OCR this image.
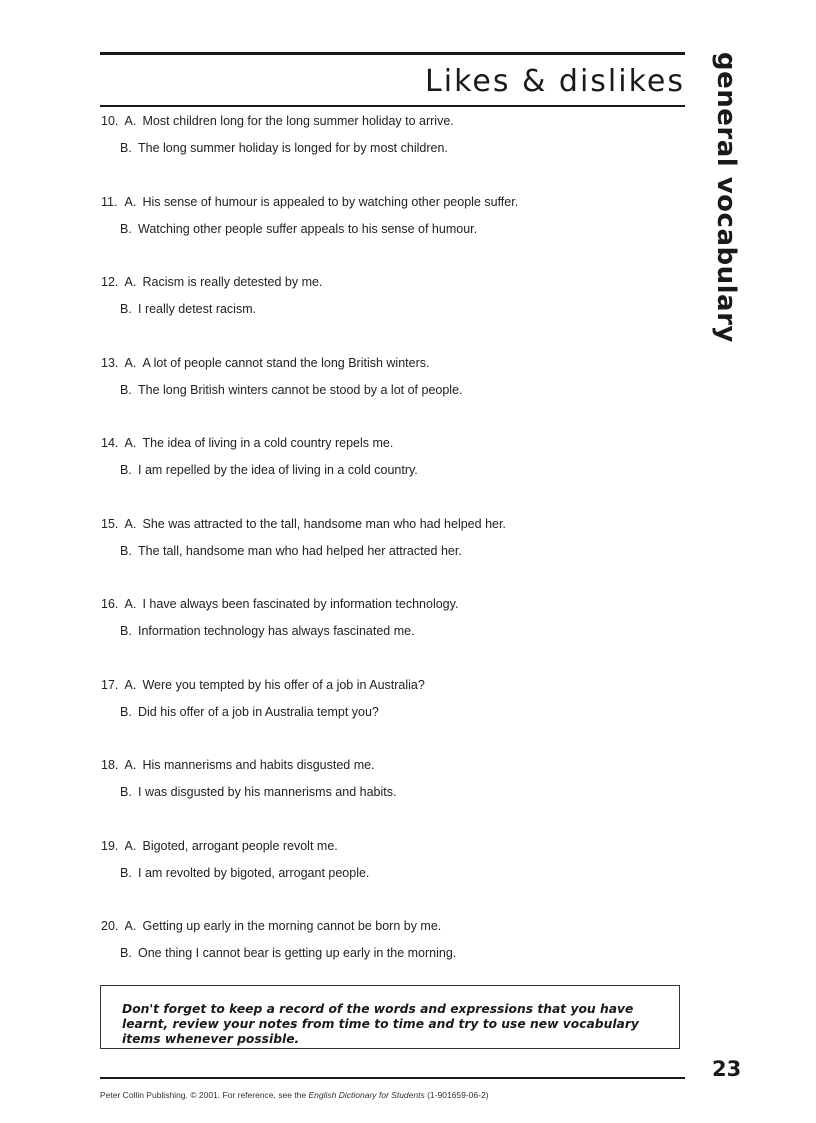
Likes & dislikes general vocabulary
10. A. Most children long for the long summer holiday to arrive.
B. The long summer holiday is longed for by most children.
11. A. His sense of humour is appealed to by watching other people suffer.
B. Watching other people suffer appeals to his sense of humour.
12. A. Racism is really detested by me.
B. I really detest racism.
13. A. A lot of people cannot stand the long British winters.
B. The long British winters cannot be stood by a lot of people.
14. A. The idea of living in a cold country repels me.
B. I am repelled by the idea of living in a cold country.
15. A. She was attracted to the tall, handsome man who had helped her.
B. The tall, handsome man who had helped her attracted her.
16. A. I have always been fascinated by information technology.
B. Information technology has always fascinated me.
17. A. Were you tempted by his offer of a job in Australia?
B. Did his offer of a job in Australia tempt you?
18. A. His mannerisms and habits disgusted me.
B. I was disgusted by his mannerisms and habits.
19. A. Bigoted, arrogant people revolt me.
B. I am revolted by bigoted, arrogant people.
20. A. Getting up early in the morning cannot be born by me.
B. One thing I cannot bear is getting up early in the morning.
Don't forget to keep a record of the words and expressions that you have learnt, review your notes from time to time and try to use new vocabulary items whenever possible.
23
Peter Collin Publishing. © 2001. For reference, see the English Dictionary for Students (1-901659-06-2)
